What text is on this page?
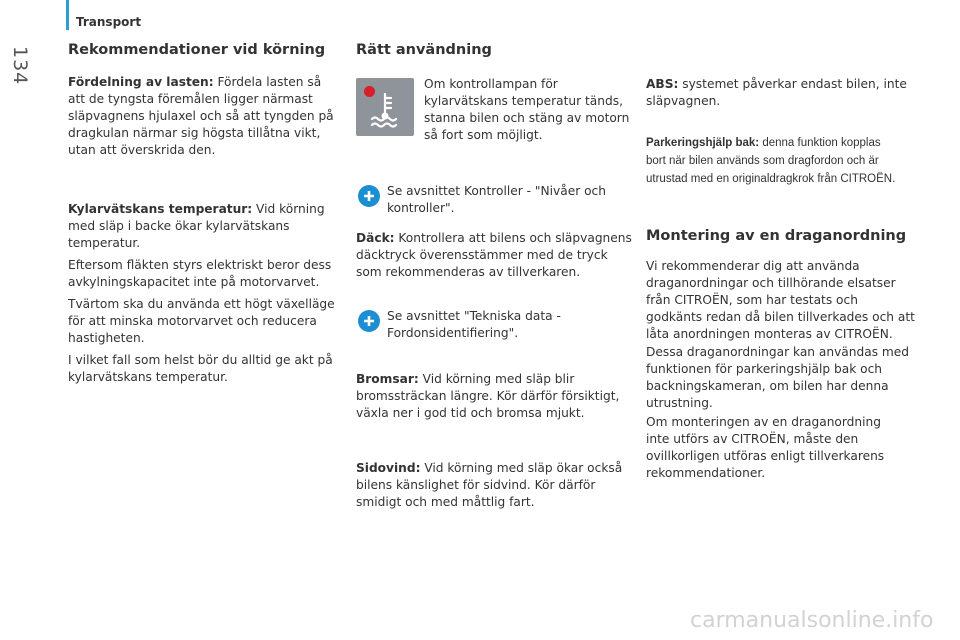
134
Transport
Rekommendationer vid körning

Fördelning av lasten: Fördela lasten så
att de tyngsta föremålen ligger närmast
släpvagnens hjulaxel och så att tyngden på
dragkulan närmar sig högsta tillåtna vikt,
utan att överskrida den.

Kylarvätskans temperatur: Vid körning
med släp i backe ökar kylarvätskans
temperatur.

Eftersom fläkten styrs elektriskt beror dess
avkylningskapacitet inte på motorvarvet.

Tvärtom ska du använda ett högt växelläge
för att minska motorvarvet och reducera
hastigheten.

I vilket fall som helst bör du alltid ge akt på
kylarvätskans temperatur.

Rätt användning

Om kontrollampan för
kylarvätskans temperatur tänds,
stanna bilen och stäng av motorn
så fort som möjligt.

Se avsnittet Kontroller - "Nivåer och
kontroller".

Däck: Kontrollera att bilens och släpvagnens
däcktryck överensstämmer med de tryck
som rekommenderas av tillverkaren.

Se avsnittet "Tekniska data -
Fordonsidentifiering".

Bromsar: Vid körning med släp blir
bromssträckan längre. Kör därför försiktigt,
växla ner i god tid och bromsa mjukt.

Sidovind: Vid körning med släp ökar också
bilens känslighet för sidvind. Kör därför
smidigt och med måttlig fart.

ABS: systemet påverkar endast bilen, inte
släpvagnen.

Parkeringshjälp bak: denna funktion kopplas
bort när bilen används som dragfordon och är
utrustad med en originaldragkrok från CITROËN.

Montering av en draganordning

Vi rekommenderar dig att använda
draganordningar och tillhörande elsatser
från CITROËN, som har testats och
godkänts redan då bilen tillverkades och att
låta anordningen monteras av CITROËN.

Dessa draganordningar kan användas med
funktionen för parkeringshjälp bak och
backningskameran, om bilen har denna
utrustning.

Om monteringen av en draganordning
inte utförs av CITROËN, måste den
ovillkorligen utföras enligt tillverkarens
rekommendationer.

carmanualsonline.info
